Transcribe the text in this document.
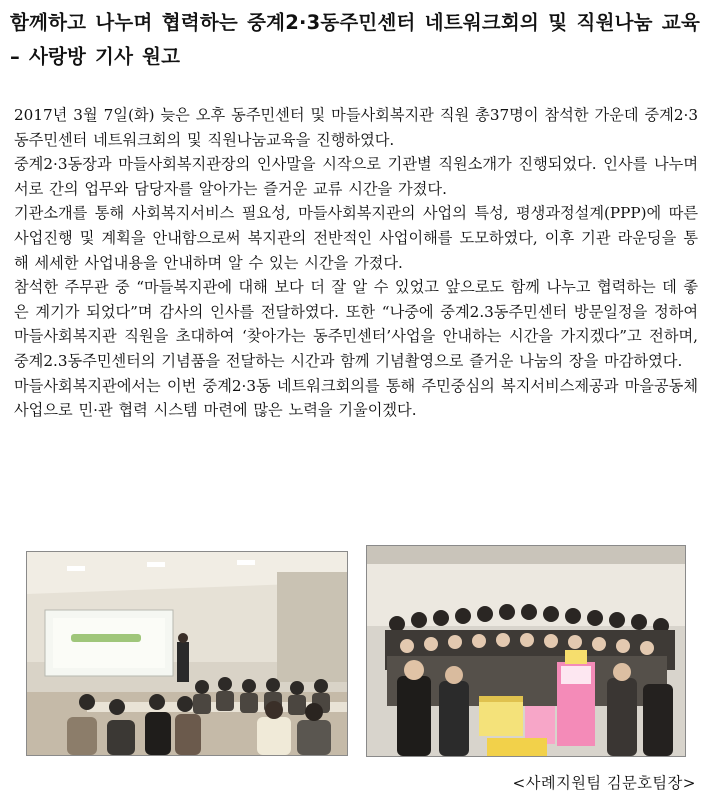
함께하고 나누며 협력하는 중계2·3동주민센터 네트워크회의 및 직원나눔 교육 – 사랑방 기사 원고

2017년 3월 7일(화) 늦은 오후 동주민센터 및 마들사회복지관 직원 총37명이 참석한 가운데 중계2·3동주민센터 네트워크회의 및 직원나눔교육을 진행하였다.

중계2·3동장과 마들사회복지관장의 인사말을 시작으로 기관별 직원소개가 진행되었다. 인사를 나누며 서로 간의 업무와 담당자를 알아가는 즐거운 교류 시간을 가졌다.

기관소개를 통해 사회복지서비스 필요성, 마들사회복지관의 사업의 특성, 평생과정설계(PPP)에 따른 사업진행 및 계획을 안내함으로써 복지관의 전반적인 사업이해를 도모하였다, 이후 기관 라운딩을 통해 세세한 사업내용을 안내하며 알 수 있는 시간을 가졌다.

참석한 주무관 중 “마들복지관에 대해 보다 더 잘 알 수 있었고 앞으로도 함께 나누고 협력하는 데 좋은 계기가 되었다”며 감사의 인사를 전달하였다. 또한 “나중에 중계2.3동주민센터 방문일정을 정하여 마들사회복지관 직원을 초대하여 ‘찾아가는 동주민센터’사업을 안내하는 시간을 가지겠다”고 전하며, 중계2.3동주민센터의 기념품을 전달하는 시간과 함께 기념촬영으로 즐거운 나눔의 장을 마감하였다.

마들사회복지관에서는 이번 중계2·3동 네트워크회의를 통해 주민중심의 복지서비스제공과 마을공동체사업으로 민·관 협력 시스템 마련에 많은 노력을 기울이겠다.

<사례지원팀 김문호팀장>
